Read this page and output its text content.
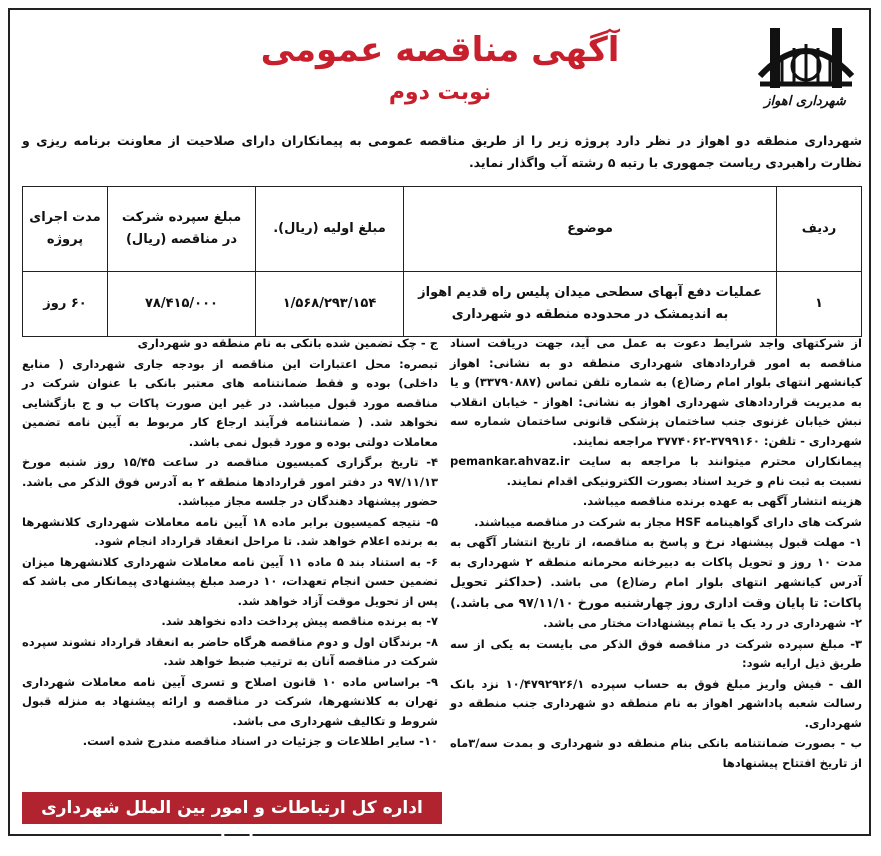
شهرداری اهواز
آگهی مناقصه عمومی
نوبت دوم
شهرداری منطقه دو اهواز در نظر دارد پروژه زیر را از طریق مناقصه عمومی به پیمانکاران دارای صلاحیت از معاونت برنامه ریزی و نظارت راهبردی ریاست جمهوری با رتبه ۵ رشته آب واگذار نماید.
ردیف	موضوع	مبلغ اولیه (ریال).	مبلغ سپرده شرکت در مناقصه (ریال)	مدت اجرای پروژه
۱	عملیات دفع آبهای سطحی میدان پلیس راه قدیم اهواز به اندیمشک در محدوده منطقه دو شهرداری	۱/۵۶۸/۲۹۳/۱۵۴	۷۸/۴۱۵/۰۰۰	۶۰ روز

از شرکتهای واجد شرایط دعوت به عمل می آید، جهت دریافت اسناد مناقصه به امور قراردادهای شهرداری منطقه دو به نشانی: اهواز کیانشهر انتهای بلوار امام رضا(ع) به شماره تلفن تماس (۳۳۷۹۰۸۸۷) و یا به مدیریت قراردادهای شهرداری اهواز به نشانی: اهواز - خیابان انقلاب نبش خیابان غزنوی جنب ساختمان پزشکی قانونی ساختمان شماره سه شهرداری - تلفن: ۳۷۹۹۱۶۰-۳۷۷۴۰۶۲ مراجعه نمایند.

پیمانکاران محترم میتوانند با مراجعه به سایت pemankar.ahvaz.ir نسبت به ثبت نام و خرید اسناد بصورت الکترونیکی اقدام نمایند.

هزینه انتشار آگهی به عهده برنده مناقصه میباشد.

شرکت های دارای گواهینامه HSF مجاز به شرکت در مناقصه میباشند.

۱- مهلت قبول پیشنهاد نرخ و پاسخ به مناقصه، از تاریخ انتشار آگهی به مدت ۱۰ روز و تحویل پاکات به دبیرخانه محرمانه منطقه ۲ شهرداری به آدرس کیانشهر انتهای بلوار امام رضا(ع) می باشد. (حداکثر تحویل پاکات: تا پایان وقت اداری روز چهارشنبه مورخ ۹۷/۱۱/۱۰ می باشد.)

۲- شهرداری در رد یک یا تمام پیشنهادات مختار می باشد.

۳- مبلغ سپرده شرکت در مناقصه فوق الذکر می بایست به یکی از سه طریق ذیل ارایه شود:

الف - فیش واریز مبلغ فوق به حساب سپرده ۱۰/۴۷۹۲۹۲۶/۱ نزد بانک رسالت شعبه پاداشهر اهواز به نام منطقه دو شهرداری جنب منطقه دو شهرداری.

ب - بصورت ضمانتنامه بانکی بنام منطقه دو شهرداری و بمدت سه/۳ماه از تاریخ افتتاح پیشنهادها

ج - چک تضمین شده بانکی به نام منطقه دو شهرداری

تبصره: محل اعتبارات این مناقصه از بودجه جاری شهرداری ( منابع داخلی) بوده و فقط ضمانتنامه های معتبر بانکی با عنوان شرکت در مناقصه مورد قبول میباشد. در غیر این صورت پاکات ب و ج بازگشایی نخواهد شد. ( ضمانتنامه فرآیند ارجاع کار مربوط به آیین نامه تضمین معاملات دولتی بوده و مورد قبول نمی باشد.

۴- تاریخ برگزاری کمیسیون مناقصه در ساعت ۱۵/۴۵ روز شنبه مورخ ۹۷/۱۱/۱۳ در دفتر امور قراردادها منطقه ۲ به آدرس فوق الذکر می باشد. حضور پیشنهاد دهندگان در جلسه مجاز میباشد.

۵- نتیجه کمیسیون برابر ماده ۱۸ آیین نامه معاملات شهرداری کلانشهرها به برنده اعلام خواهد شد. تا مراحل انعقاد قرارداد انجام شود.

۶- به استناد بند ۵ ماده ۱۱ آیین نامه معاملات شهرداری کلانشهرها میزان تضمین حسن انجام تعهدات، ۱۰ درصد مبلغ پیشنهادی پیمانکار می باشد که پس از تحویل موقت آزاد خواهد شد.

۷- به برنده مناقصه پیش پرداخت داده نخواهد شد.

۸- برندگان اول و دوم مناقصه هرگاه حاضر به انعقاد قرارداد نشوند سپرده شرکت در مناقصه آنان به ترتیب ضبط خواهد شد.

۹- براساس ماده ۱۰ قانون اصلاح و تسری آیین نامه معاملات شهرداری تهران به کلانشهرها، شرکت در مناقصه و ارائه پیشنهاد به منزله قبول شروط و تکالیف شهرداری می باشد.

۱۰- سایر اطلاعات و جزئیات در اسناد مناقصه مندرج شده است.

اداره کل ارتباطات و امور بین الملل شهرداری اهواز
